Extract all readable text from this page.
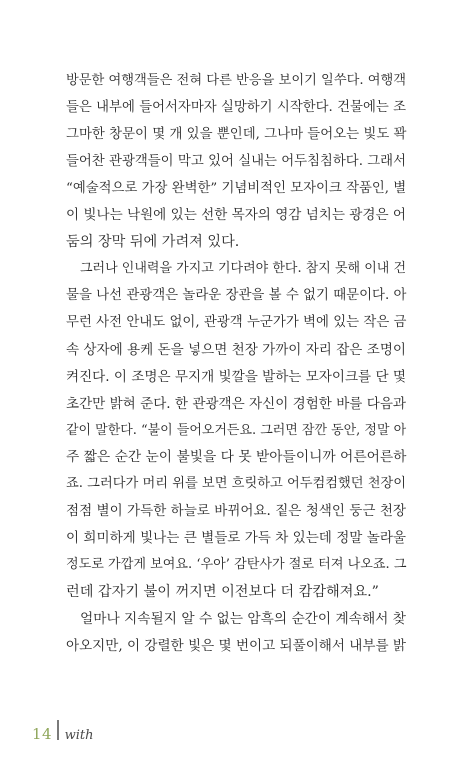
방문한 여행객들은 전혀 다른 반응을 보이기 일쑤다. 여행객
들은 내부에 들어서자마자 실망하기 시작한다. 건물에는 조
그마한 창문이 몇 개 있을 뿐인데, 그나마 들어오는 빛도 꽉
들어찬 관광객들이 막고 있어 실내는 어두침침하다. 그래서
“예술적으로 가장 완벽한” 기념비적인 모자이크 작품인, 별
이 빛나는 낙원에 있는 선한 목자의 영감 넘치는 광경은 어
둠의 장막 뒤에 가려져 있다.
그러나 인내력을 가지고 기다려야 한다. 참지 못해 이내 건
물을 나선 관광객은 놀라운 장관을 볼 수 없기 때문이다. 아
무런 사전 안내도 없이, 관광객 누군가가 벽에 있는 작은 금
속 상자에 용케 돈을 넣으면 천장 가까이 자리 잡은 조명이
켜진다. 이 조명은 무지개 빛깔을 발하는 모자이크를 단 몇
초간만 밝혀 준다. 한 관광객은 자신이 경험한 바를 다음과
같이 말한다. “불이 들어오거든요. 그러면 잠깐 동안, 정말 아
주 짧은 순간 눈이 불빛을 다 못 받아들이니까 어른어른하
죠. 그러다가 머리 위를 보면 흐릿하고 어두컴컴했던 천장이
점점 별이 가득한 하늘로 바뀌어요. 짙은 청색인 둥근 천장
이 희미하게 빛나는 큰 별들로 가득 차 있는데 정말 놀라울
정도로 가깝게 보여요. ‘우아’ 감탄사가 절로 터져 나오죠. 그
런데 갑자기 불이 꺼지면 이전보다 더 캄캄해져요.”
얼마나 지속될지 알 수 없는 암흑의 순간이 계속해서 찾
아오지만, 이 강렬한 빛은 몇 번이고 되풀이해서 내부를 밝
14 with
